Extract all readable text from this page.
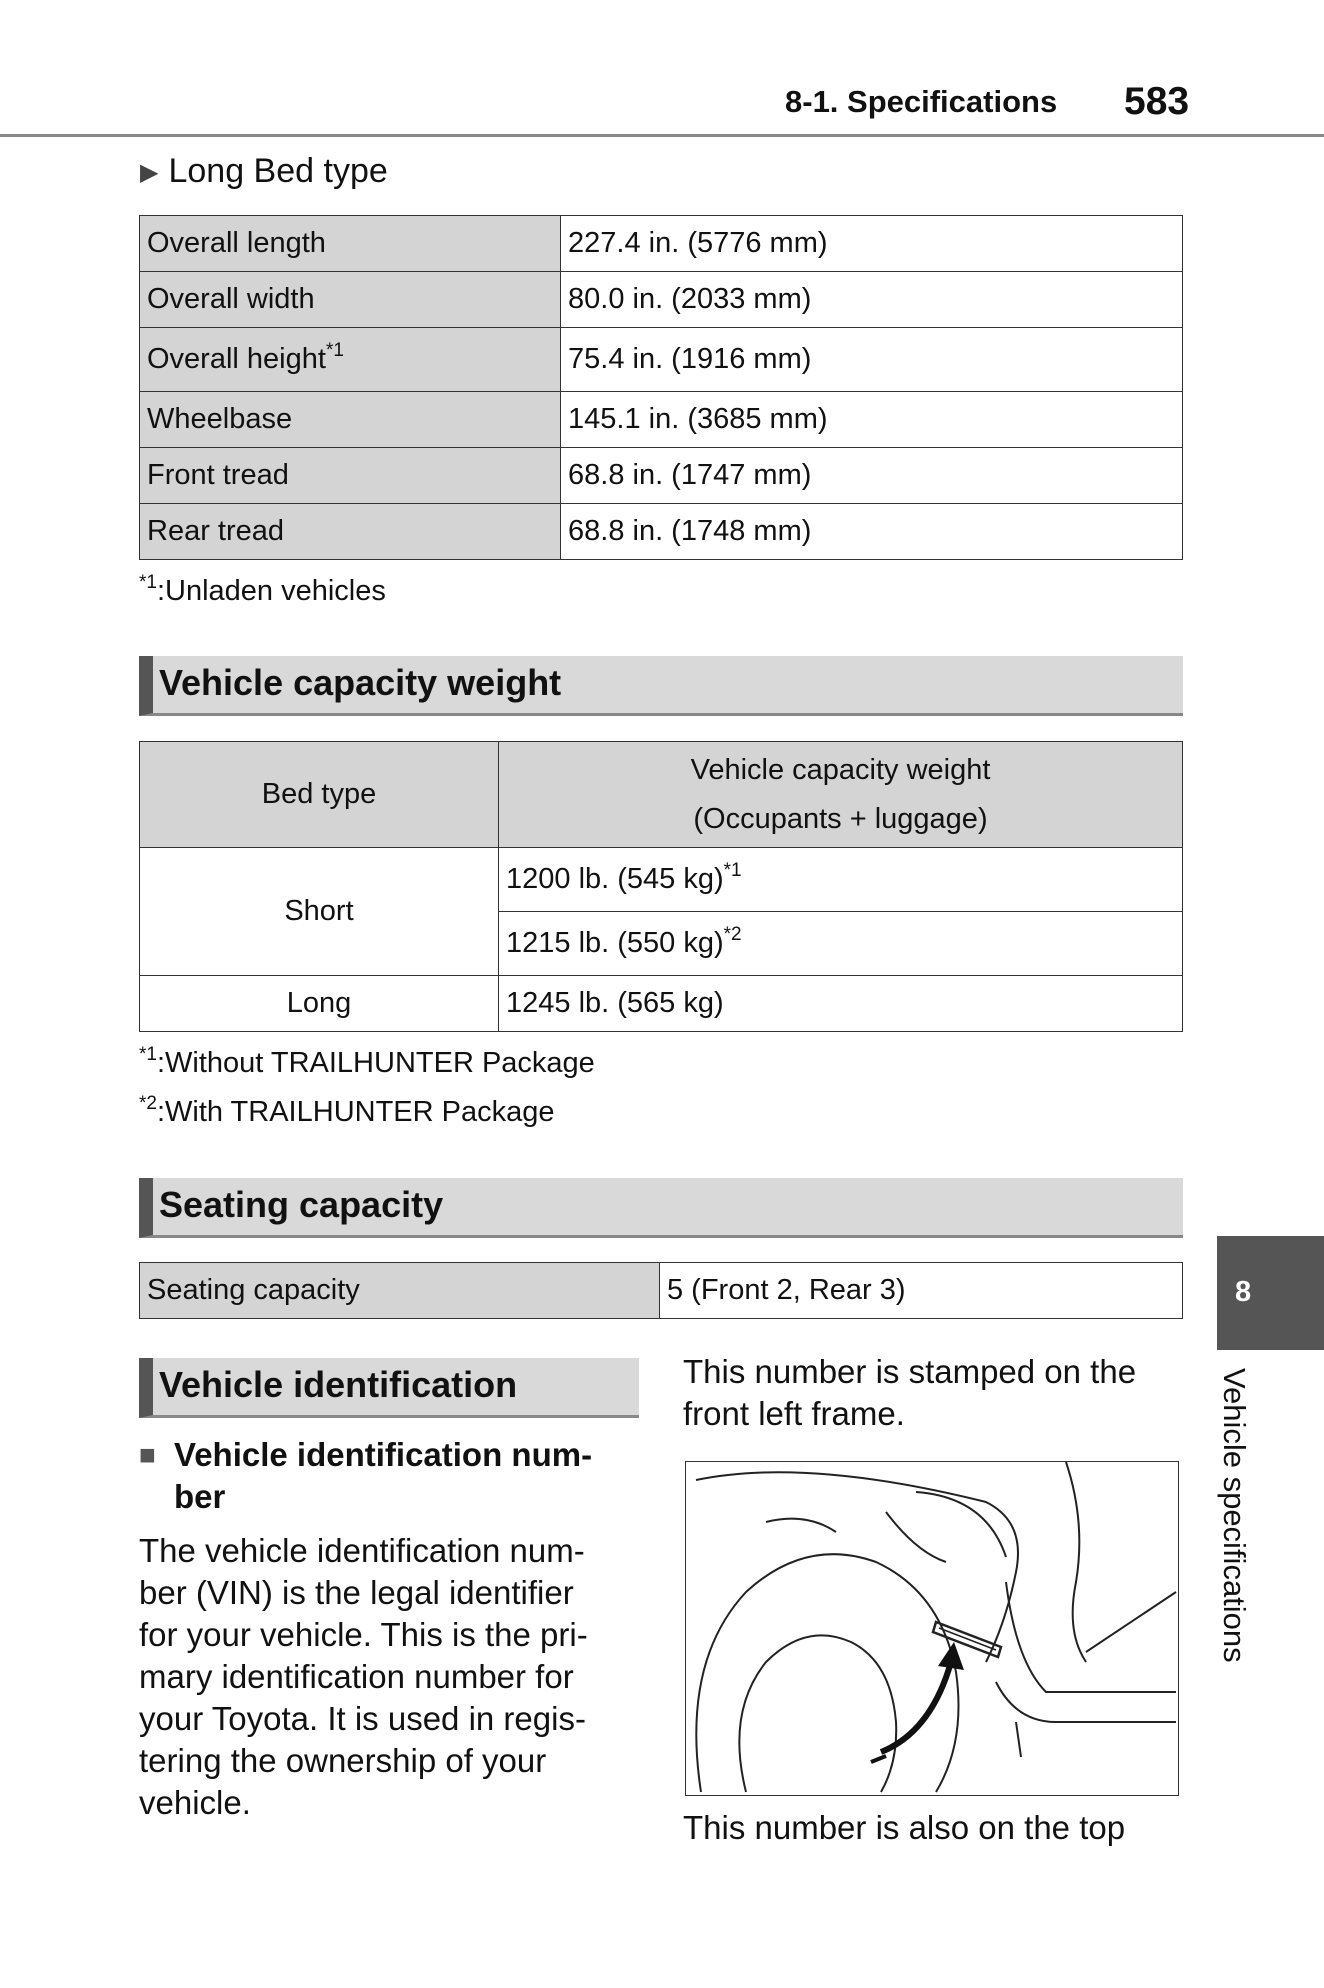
8-1. Specifications 583
▶ Long Bed type
Overall length	227.4 in. (5776 mm)
Overall width	80.0 in. (2033 mm)
Overall height$^{*1}$	75.4 in. (1916 mm)
Wheelbase	145.1 in. (3685 mm)
Front tread	68.8 in. (1747 mm)
Rear tread	68.8 in. (1748 mm)
$^{*1}$:Unladen vehicles
Vehicle capacity weight
Bed type	Vehicle capacity weight
(Occupants + luggage)

Short	1200 lb. (545 kg)$^{*1}$
	1215 lb. (550 kg)$^{*2}$
Long	1245 lb. (565 kg)
$^{*1}$:Without TRAILHUNTER Package
$^{*2}$:With TRAILHUNTER Package
Seating capacity
Seating capacity	5 (Front 2, Rear 3)
Vehicle identification
■ Vehicle identification num-
ber
The vehicle identification num-
ber (VIN) is the legal identifier
for your vehicle. This is the pri-
mary identification number for
your Toyota. It is used in regis-
tering the ownership of your
vehicle.
This number is stamped on the
front left frame.
This number is also on the top
8
Vehicle specifications
